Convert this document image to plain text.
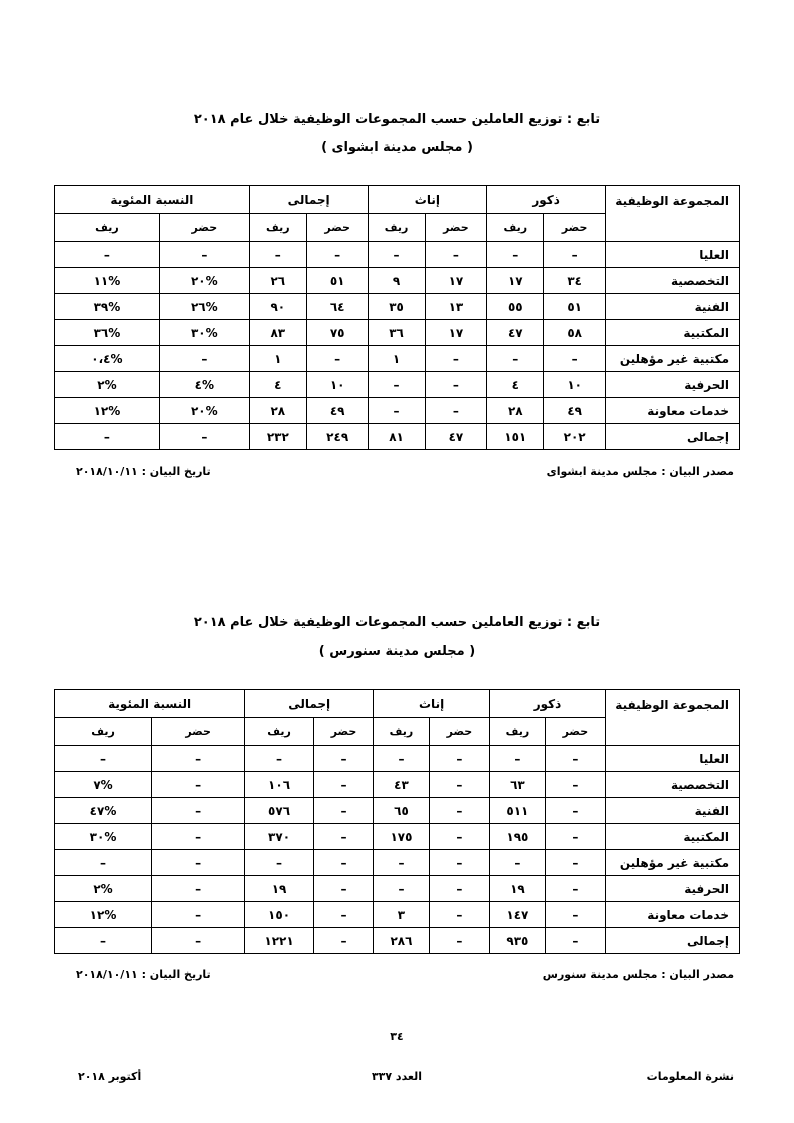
تابع : توزيع العاملين حسب المجموعات الوظيفية خلال عام ٢٠١٨
( مجلس مدينة ابشواى )
المجموعة الوظيفية	ذكور		إناث		إجمالى		النسبة المئوية	
	حضر	ريف	حضر	ريف	حضر	ريف	حضر	ريف
العليا	–	–	–	–	–	–	–	–
التخصصية	٣٤	١٧	١٧	٩	٥١	٢٦	%٢٠	%١١
الفنية	٥١	٥٥	١٣	٣٥	٦٤	٩٠	%٢٦	%٣٩
المكتبية	٥٨	٤٧	١٧	٣٦	٧٥	٨٣	%٣٠	%٣٦
مكتبية غير مؤهلين	–	–	–	١	–	١	–	%٠،٤
الحرفية	١٠	٤	–	–	١٠	٤	%٤	%٢
خدمات معاونة	٤٩	٢٨	–	–	٤٩	٢٨	%٢٠	%١٢
إجمالى	٢٠٢	١٥١	٤٧	٨١	٢٤٩	٢٣٢	–	–
مصدر البيان : مجلس مدينة ابشواى
تاريخ البيان : ٢٠١٨/١٠/١١
تابع : توزيع العاملين حسب المجموعات الوظيفية خلال عام ٢٠١٨
( مجلس مدينة سنورس )
المجموعة الوظيفية	ذكور		إناث		إجمالى		النسبة المئوية	
	حضر	ريف	حضر	ريف	حضر	ريف	حضر	ريف
العليا	–	–	–	–	–	–	–	–
التخصصية	–	٦٣	–	٤٣	–	١٠٦	–	%٧
الفنية	–	٥١١	–	٦٥	–	٥٧٦	–	%٤٧
المكتبية	–	١٩٥	–	١٧٥	–	٣٧٠	–	%٣٠
مكتبية غير مؤهلين	–	–	–	–	–	–	–	–
الحرفية	–	١٩	–	–	–	١٩	–	%٢
خدمات معاونة	–	١٤٧	–	٣	–	١٥٠	–	%١٢
إجمالى	–	٩٣٥	–	٢٨٦	–	١٢٢١	–	–
مصدر البيان : مجلس مدينة سنورس
تاريخ البيان : ٢٠١٨/١٠/١١
٣٤
نشرة المعلومات
العدد ٣٣٧
أكتوبر ٢٠١٨
